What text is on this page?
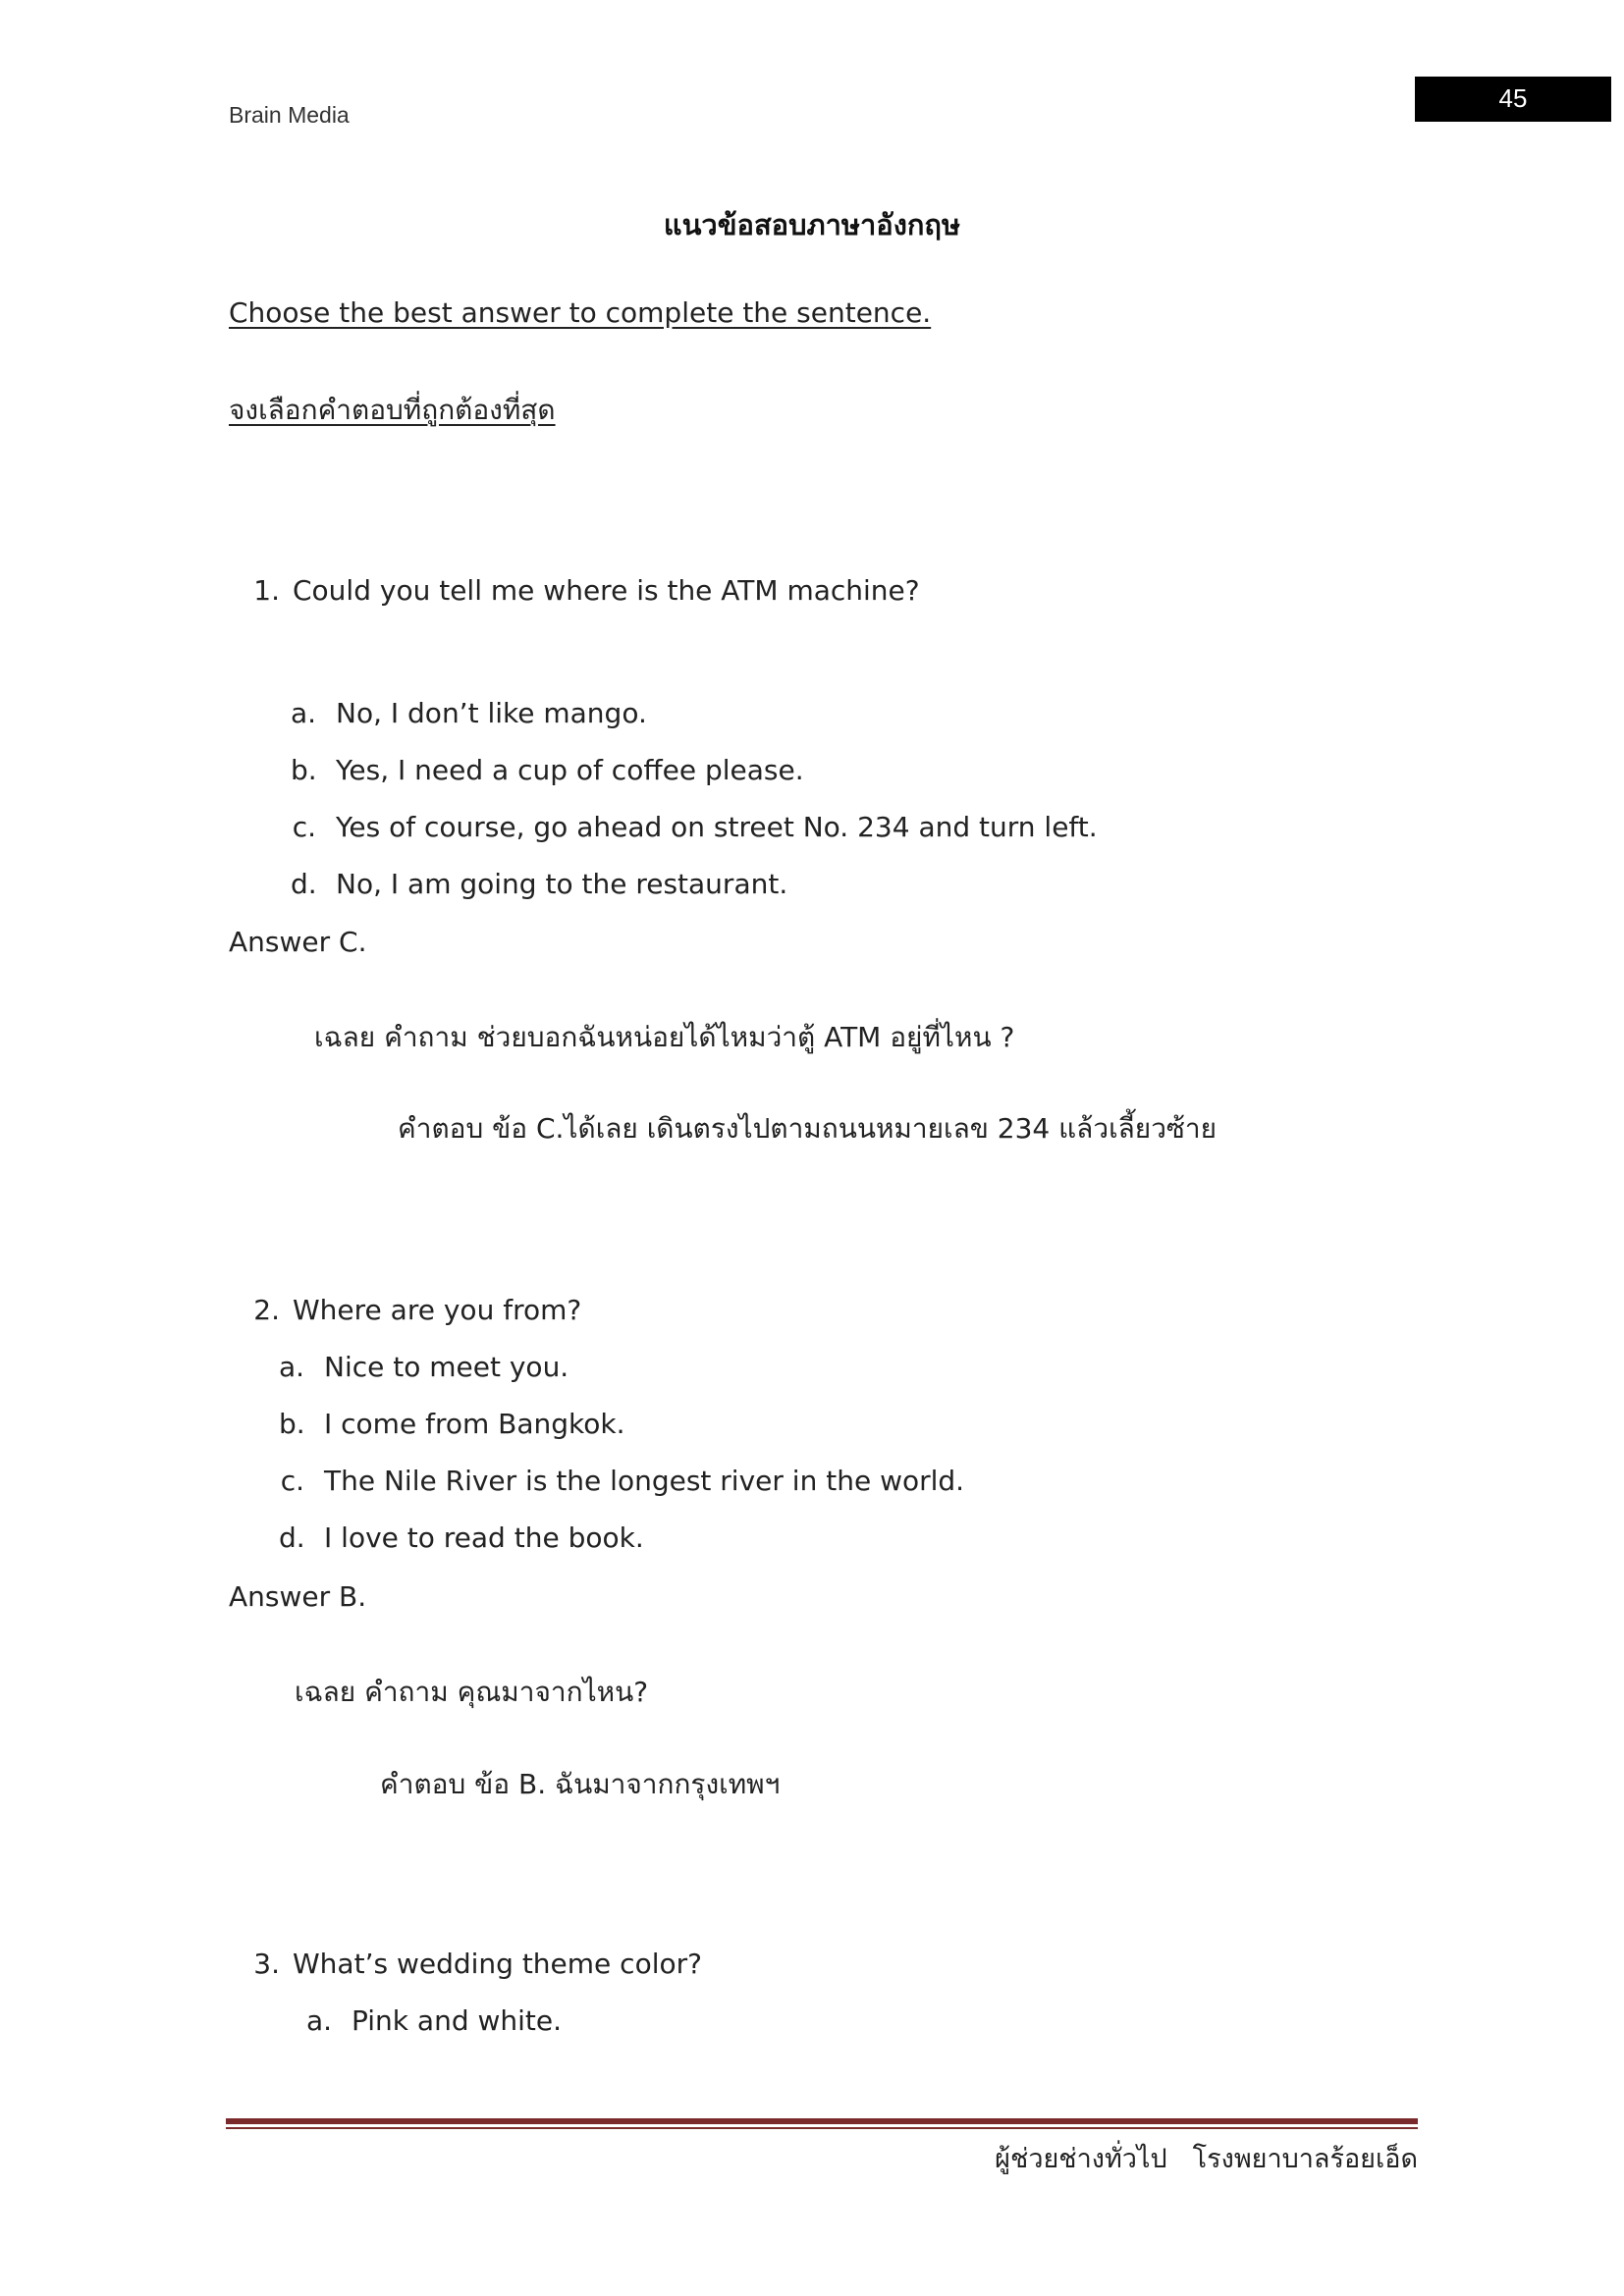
Brain Media
45
แนวข้อสอบภาษาอังกฤษ
Choose the best answer to complete the sentence.
จงเลือกคำตอบที่ถูกต้องที่สุด
1. Could you tell me where is the ATM machine?
a. No, I don’t like mango.
b. Yes, I need a cup of coffee please.
c. Yes of course, go ahead on street No. 234 and turn left.
d. No, I am going to the restaurant.
Answer C.
เฉลย คำถาม ช่วยบอกฉันหน่อยได้ไหมว่าตู้ ATM อยู่ที่ไหน ?
คำตอบ ข้อ C.ได้เลย เดินตรงไปตามถนนหมายเลข 234 แล้วเลี้ยวซ้าย
2. Where are you from?
a. Nice to meet you.
b. I come from Bangkok.
c. The Nile River is the longest river in the world.
d. I love to read the book.
Answer B.
เฉลย คำถาม คุณมาจากไหน?
คำตอบ ข้อ B. ฉันมาจากกรุงเทพฯ
3. What’s wedding theme color?
a. Pink and white.
ผู้ช่วยช่างทั่วไป โรงพยาบาลร้อยเอ็ด
